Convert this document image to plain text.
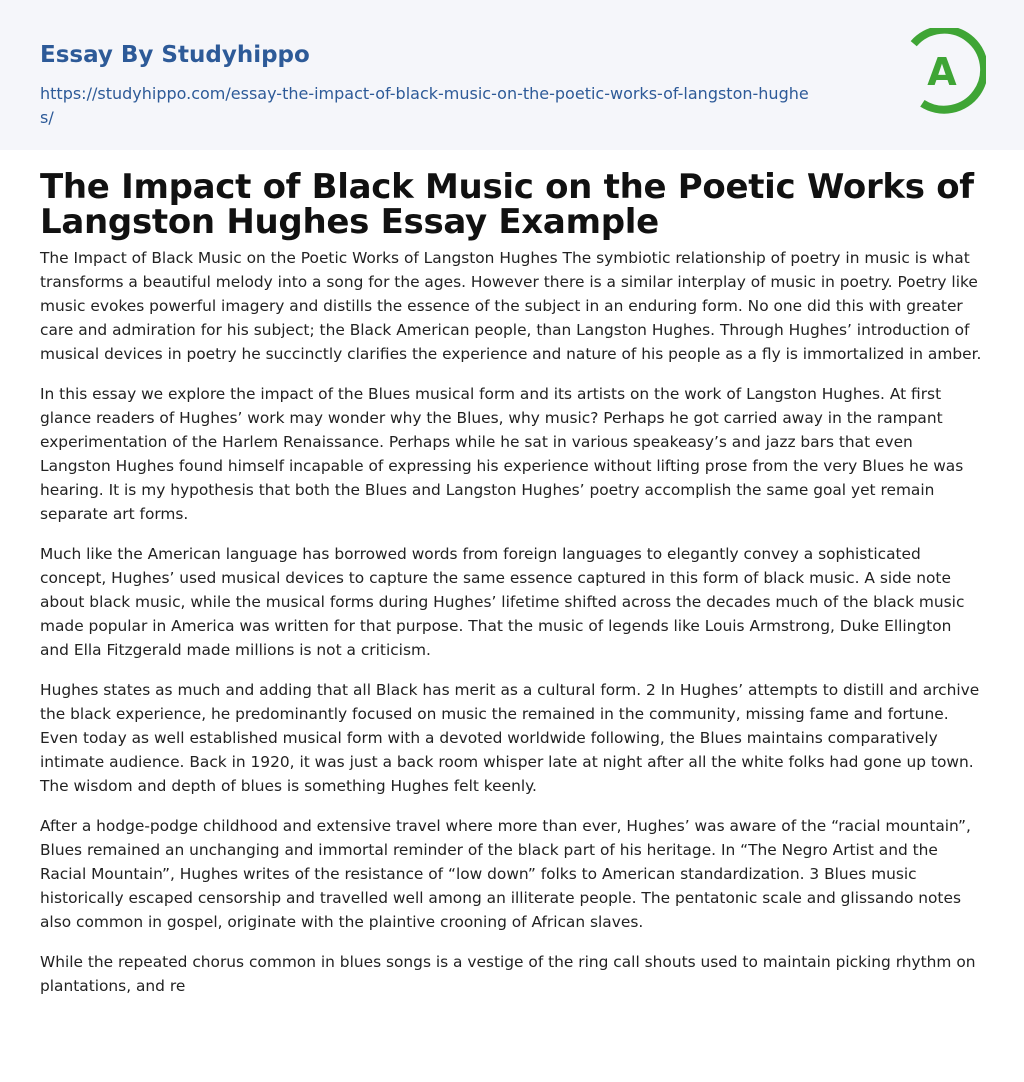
Essay By Studyhippo
https://studyhippo.com/essay-the-impact-of-black-music-on-the-poetic-works-of-langston-hughes/
A
The Impact of Black Music on the Poetic Works of Langston Hughes Essay Example

The Impact of Black Music on the Poetic Works of Langston Hughes The symbiotic relationship of poetry in music is what transforms a beautiful melody into a song for the ages. However there is a similar interplay of music in poetry. Poetry like music evokes powerful imagery and distills the essence of the subject in an enduring form. No one did this with greater care and admiration for his subject; the Black American people, than Langston Hughes. Through Hughes’ introduction of musical devices in poetry he succinctly clarifies the experience and nature of his people as a fly is immortalized in amber.

In this essay we explore the impact of the Blues musical form and its artists on the work of Langston Hughes. At first glance readers of Hughes’ work may wonder why the Blues, why music? Perhaps he got carried away in the rampant experimentation of the Harlem Renaissance. Perhaps while he sat in various speakeasy’s and jazz bars that even Langston Hughes found himself incapable of expressing his experience without lifting prose from the very Blues he was hearing. It is my hypothesis that both the Blues and Langston Hughes’ poetry accomplish the same goal yet remain separate art forms.

Much like the American language has borrowed words from foreign languages to elegantly convey a sophisticated concept, Hughes’ used musical devices to capture the same essence captured in this form of black music. A side note about black music, while the musical forms during Hughes’ lifetime shifted across the decades much of the black music made popular in America was written for that purpose. That the music of legends like Louis Armstrong, Duke Ellington and Ella Fitzgerald made millions is not a criticism.

Hughes states as much and adding that all Black has merit as a cultural form. 2 In Hughes’ attempts to distill and archive the black experience, he predominantly focused on music the remained in the community, missing fame and fortune. Even today as well established musical form with a devoted worldwide following, the Blues maintains comparatively intimate audience. Back in 1920, it was just a back room whisper late at night after all the white folks had gone up town. The wisdom and depth of blues is something Hughes felt keenly.

After a hodge-podge childhood and extensive travel where more than ever, Hughes’ was aware of the “racial mountain”, Blues remained an unchanging and immortal reminder of the black part of his heritage. In “The Negro Artist and the Racial Mountain”, Hughes writes of the resistance of “low down” folks to American standardization. 3 Blues music historically escaped censorship and travelled well among an illiterate people. The pentatonic scale and glissando notes also common in gospel, originate with the plaintive crooning of African slaves.

While the repeated chorus common in blues songs is a vestige of the ring call shouts used to maintain picking rhythm on plantations, and re
